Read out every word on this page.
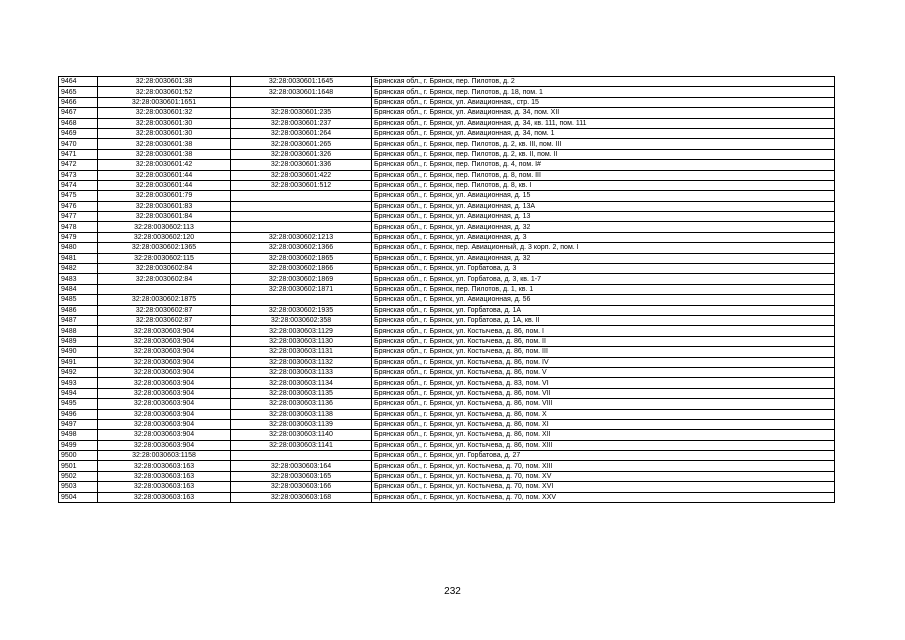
9464	32:28:0030601:38	32:28:0030601:1645	Брянская обл., г. Брянск, пер. Пилотов, д. 2
9465	32:28:0030601:52	32:28:0030601:1648	Брянская обл., г. Брянск, пер. Пилотов, д. 18, пом. 1
9466	32:28:0030601:1651		Брянская обл., г. Брянск, ул. Авиационная,, стр. 15
9467	32:28:0030601:32	32:28:0030601:235	Брянская обл., г. Брянск, ул. Авиационная, д. 34, пом. XII
9468	32:28:0030601:30	32:28:0030601:237	Брянская обл., г. Брянск, ул. Авиационная, д. 34, кв. 111, пом. 111
9469	32:28:0030601:30	32:28:0030601:264	Брянская обл., г. Брянск, ул. Авиационная, д. 34, пом. 1
9470	32:28:0030601:38	32:28:0030601:265	Брянская обл., г. Брянск, пер. Пилотов, д. 2, кв. III, пом. III
9471	32:28:0030601:38	32:28:0030601:326	Брянская обл., г. Брянск, пер. Пилотов, д. 2, кв. II, пом. II
9472	32:28:0030601:42	32:28:0030601:336	Брянская обл., г. Брянск, пер. Пилотов, д. 4, пом. I#
9473	32:28:0030601:44	32:28:0030601:422	Брянская обл., г. Брянск, пер. Пилотов, д. 8, пом. III
9474	32:28:0030601:44	32:28:0030601:512	Брянская обл., г. Брянск, пер. Пилотов, д. 8, кв. I
9475	32:28:0030601:79		Брянская обл., г. Брянск, ул. Авиационная, д. 15
9476	32:28:0030601:83		Брянская обл., г. Брянск, ул. Авиационная, д. 13А
9477	32:28:0030601:84		Брянская обл., г. Брянск, ул. Авиационная, д. 13
9478	32:28:0030602:113		Брянская обл., г. Брянск, ул. Авиационная, д. 32
9479	32:28:0030602:120	32:28:0030602:1213	Брянская обл., г. Брянск, ул. Авиационная, д. 3
9480	32:28:0030602:1365	32:28:0030602:1366	Брянская обл., г. Брянск, пер. Авиационный, д. 3 корп. 2, пом. I
9481	32:28:0030602:115	32:28:0030602:1865	Брянская обл., г. Брянск, ул. Авиационная, д. 32
9482	32:28:0030602:84	32:28:0030602:1866	Брянская обл., г. Брянск, ул. Горбатова, д. 3
9483	32:28:0030602:84	32:28:0030602:1869	Брянская обл., г. Брянск, ул. Горбатова, д. 3, кв. 1-7
9484		32:28:0030602:1871	Брянская обл., г. Брянск, пер. Пилотов, д. 1, кв. 1
9485	32:28:0030602:1875		Брянская обл., г. Брянск, ул. Авиационная, д. 56
9486	32:28:0030602:87	32:28:0030602:1935	Брянская обл., г. Брянск, ул. Горбатова, д. 1А
9487	32:28:0030602:87	32:28:0030602:358	Брянская обл., г. Брянск, ул. Горбатова, д. 1А, кв. II
9488	32:28:0030603:904	32:28:0030603:1129	Брянская обл., г. Брянск, ул. Костычева, д. 86, пом. I
9489	32:28:0030603:904	32:28:0030603:1130	Брянская обл., г. Брянск, ул. Костычева, д. 86, пом. II
9490	32:28:0030603:904	32:28:0030603:1131	Брянская обл., г. Брянск, ул. Костычева, д. 86, пом. III
9491	32:28:0030603:904	32:28:0030603:1132	Брянская обл., г. Брянск, ул. Костычева, д. 86, пом. IV
9492	32:28:0030603:904	32:28:0030603:1133	Брянская обл., г. Брянск, ул. Костычева, д. 86, пом. V
9493	32:28:0030603:904	32:28:0030603:1134	Брянская обл., г. Брянск, ул. Костычева, д. 83, пом. VI
9494	32:28:0030603:904	32:28:0030603:1135	Брянская обл., г. Брянск, ул. Костычева, д. 86, пом. VII
9495	32:28:0030603:904	32:28:0030603:1136	Брянская обл., г. Брянск, ул. Костычева, д. 86, пом. VIII
9496	32:28:0030603:904	32:28:0030603:1138	Брянская обл., г. Брянск, ул. Костычева, д. 86, пом. X
9497	32:28:0030603:904	32:28:0030603:1139	Брянская обл., г. Брянск, ул. Костычева, д. 86, пом. XI
9498	32:28:0030603:904	32:28:0030603:1140	Брянская обл., г. Брянск, ул. Костычева, д. 86, пом. XII
9499	32:28:0030603:904	32:28:0030603:1141	Брянская обл., г. Брянск, ул. Костычева, д. 86, пом. XIII
9500	32:28:0030603:1158		Брянская обл., г. Брянск, ул. Горбатова, д. 27
9501	32:28:0030603:163	32:28:0030603:164	Брянская обл., г. Брянск, ул. Костычева, д. 70, пом. XIII
9502	32:28:0030603:163	32:28:0030603:165	Брянская обл., г. Брянск, ул. Костычева, д. 70, пом. XV
9503	32:28:0030603:163	32:28:0030603:166	Брянская обл., г. Брянск, ул. Костычева, д. 70, пом. XVI
9504	32:28:0030603:163	32:28:0030603:168	Брянская обл., г. Брянск, ул. Костычева, д. 70, пом. XXV
232
